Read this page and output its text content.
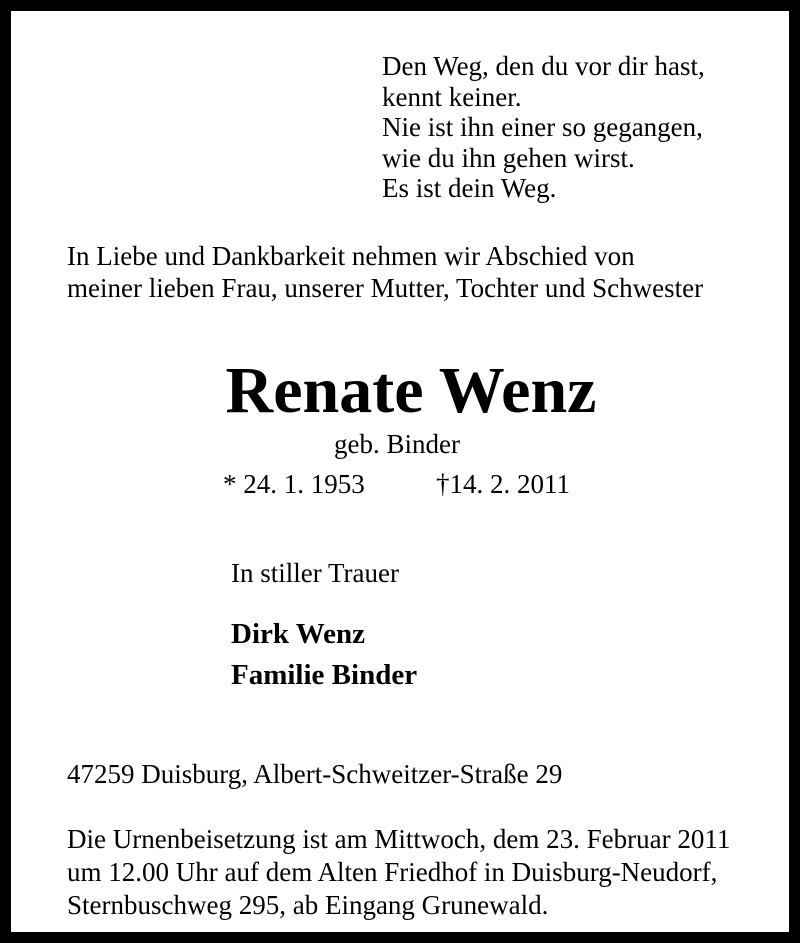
Den Weg, den du vor dir hast,
kennt keiner.
Nie ist ihn einer so gegangen,
wie du ihn gehen wirst.
Es ist dein Weg.
In Liebe und Dankbarkeit nehmen wir Abschied von
meiner lieben Frau, unserer Mutter, Tochter und Schwester
Renate Wenz
geb. Binder
* 24. 1. 1953	†14. 2. 2011
In stiller Trauer
Dirk Wenz
Familie Binder
47259 Duisburg, Albert-Schweitzer-Straße 29
Die Urnenbeisetzung ist am Mittwoch, dem 23. Februar 2011
um 12.00 Uhr auf dem Alten Friedhof in Duisburg-Neudorf,
Sternbuschweg 295, ab Eingang Grunewald.
